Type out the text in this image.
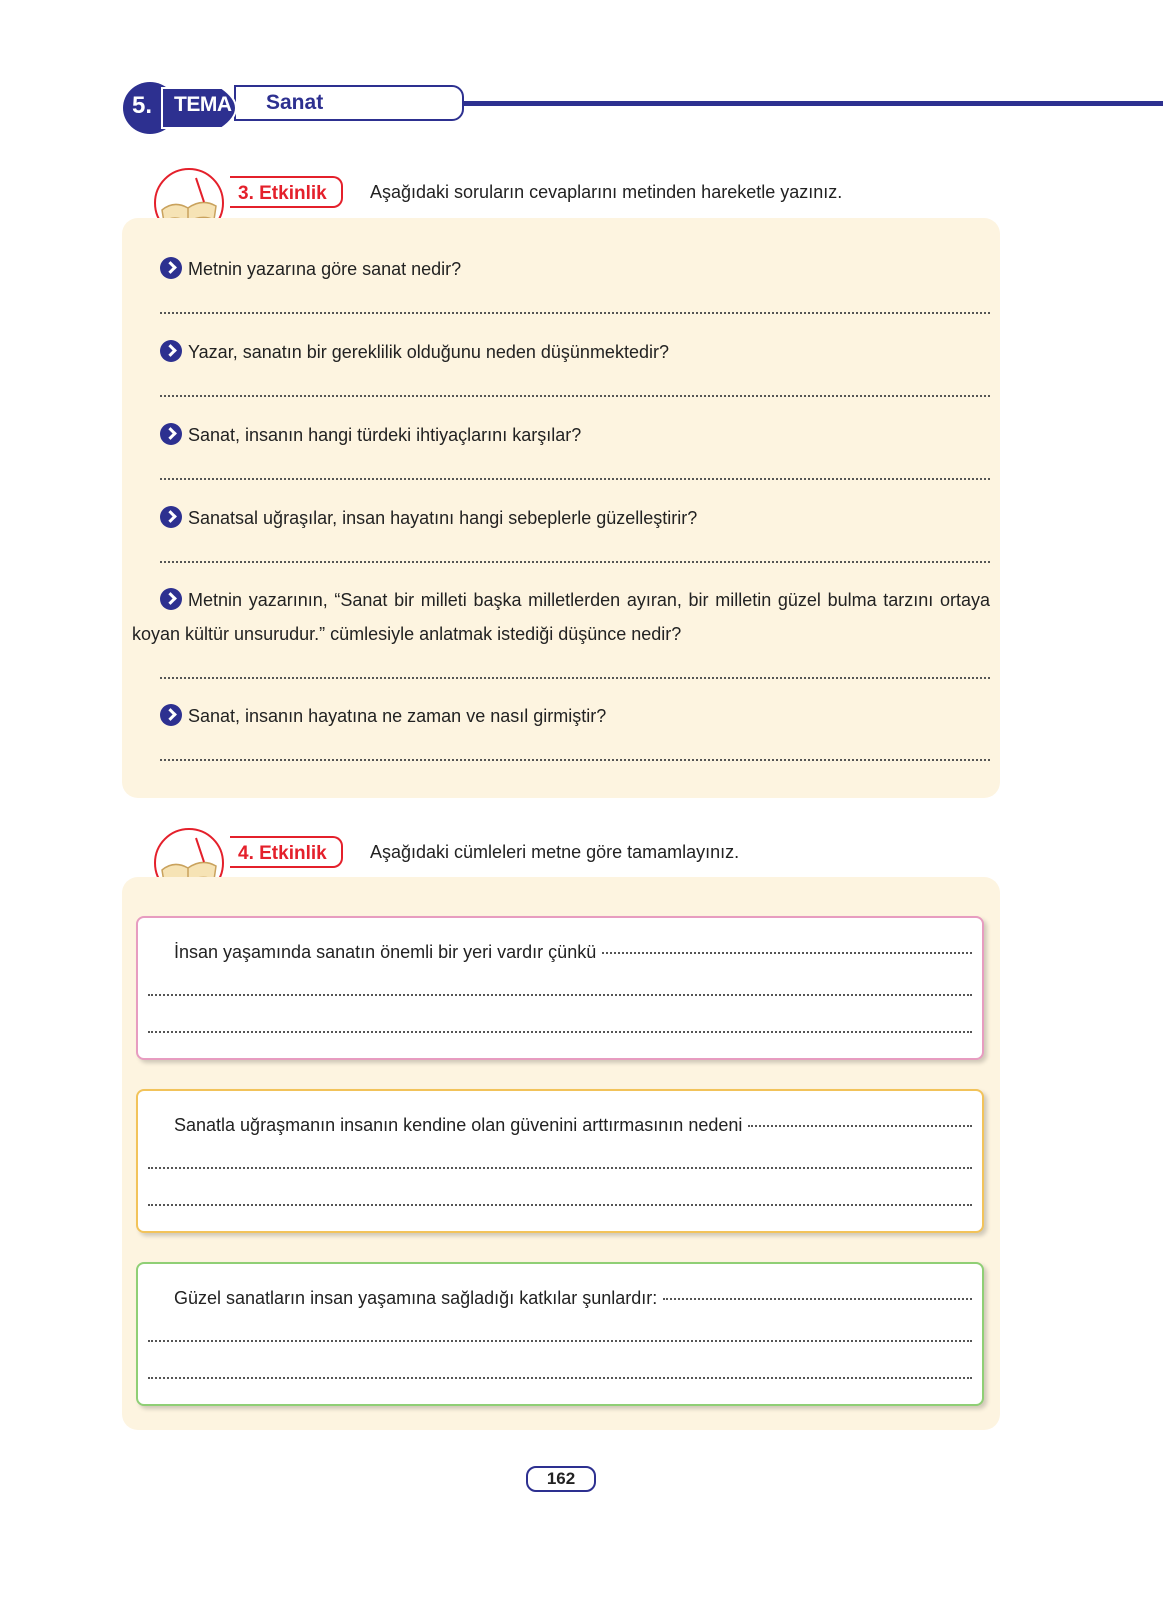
Sanat
5. TEMA
3. Etkinlik	Aşağıdaki soruların cevaplarını metinden hareketle yazınız.
Metnin yazarına göre sanat nedir?
Yazar, sanatın bir gereklilik olduğunu neden düşünmektedir?
Sanat, insanın hangi türdeki ihtiyaçlarını karşılar?
Sanatsal uğraşılar, insan hayatını hangi sebeplerle güzelleştirir?
Metnin yazarının, “Sanat bir milleti başka milletlerden ayıran, bir milletin güzel bulma tarzını ortaya koyan kültür unsurudur.” cümlesiyle anlatmak istediği düşünce nedir?
Sanat, insanın hayatına ne zaman ve nasıl girmiştir?
4. Etkinlik	Aşağıdaki cümleleri metne göre tamamlayınız.
İnsan yaşamında sanatın önemli bir yeri vardır çünkü
Sanatla uğraşmanın insanın kendine olan güvenini arttırmasının nedeni
Güzel sanatların insan yaşamına sağladığı katkılar şunlardır:
162
